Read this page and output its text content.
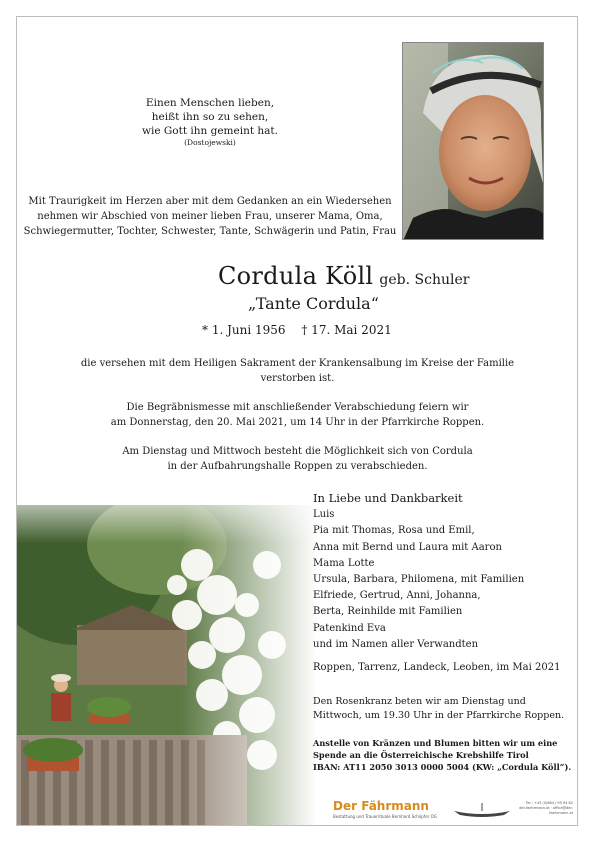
Einen Menschen lieben,
heißt ihn so zu sehen,
wie Gott ihn gemeint hat.
(Dostojewski)
Mit Traurigkeit im Herzen aber mit dem Gedanken an ein Wiedersehen
nehmen wir Abschied von meiner lieben Frau, unserer Mama, Oma,
Schwiegermutter, Tochter, Schwester, Tante, Schwägerin und Patin, Frau
Cordula Köll geb. Schuler
„Tante Cordula“
* 1. Juni 1956 † 17. Mai 2021
die versehen mit dem Heiligen Sakrament der Krankensalbung im Kreise der Familie
verstorben ist.
Die Begräbnismesse mit anschließender Verabschiedung feiern wir
am Donnerstag, den 20. Mai 2021, um 14 Uhr in der Pfarrkirche Roppen.
Am Dienstag und Mittwoch besteht die Möglichkeit sich von Cordula
in der Aufbahrungshalle Roppen zu verabschieden.
In Liebe und Dankbarkeit
Luis
Pia mit Thomas, Rosa und Emil,
Anna mit Bernd und Laura mit Aaron
Mama Lotte
Ursula, Barbara, Philomena, mit Familien
Elfriede, Gertrud, Anni, Johanna,
Berta, Reinhilde mit Familien
Patenkind Eva
und im Namen aller Verwandten
Roppen, Tarrenz, Landeck, Leoben, im Mai 2021
Den Rosenkranz beten wir am Dienstag und
Mittwoch, um 19.30 Uhr in der Pfarrkirche Roppen.
Anstelle von Kränzen und Blumen bitten wir um eine
Spende an die Österreichische Krebshilfe Tirol
IBAN: AT11 2050 3013 0000 5004 (KW: „Cordula Köll“).
Der Fährmann
Bestattung und Trauerrituale Bernhard Schöpfer OG
Tel.: +43 (0)664 / 95 94 62
der-faehrmann.at · office@der-faehrmann.at
